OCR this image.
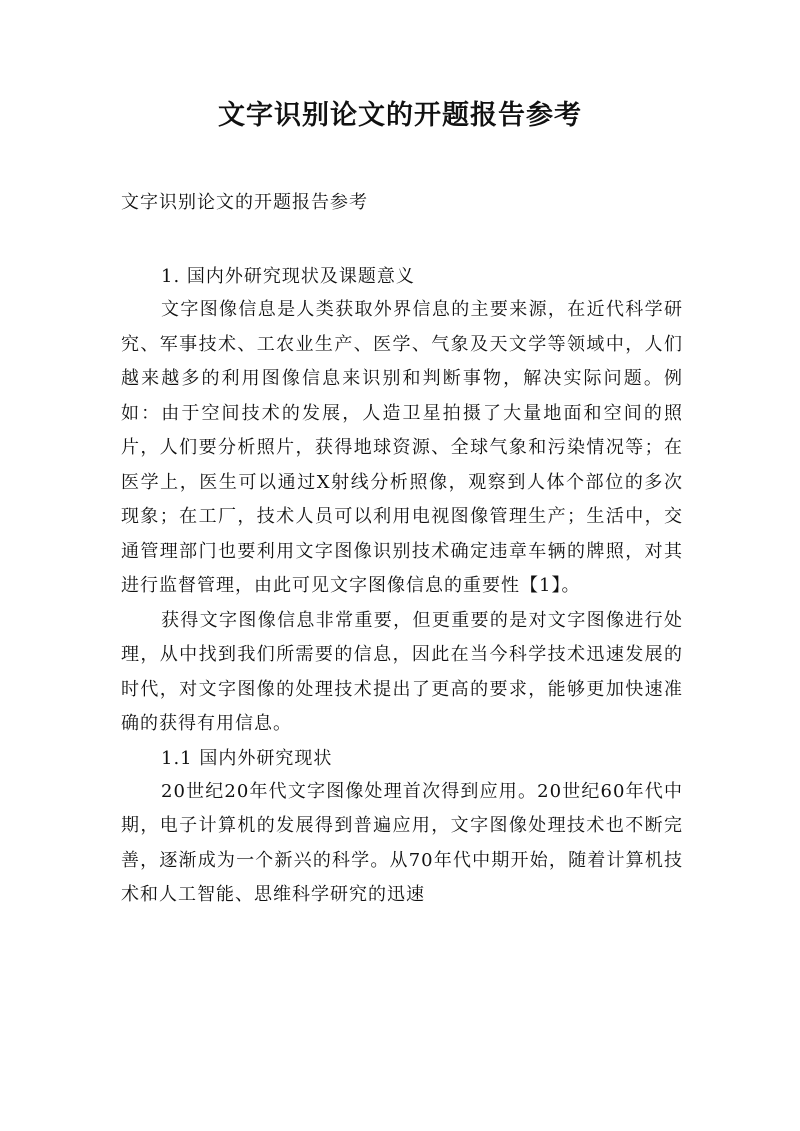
文字识别论文的开题报告参考
文字识别论文的开题报告参考

1. 国内外研究现状及课题意义

文字图像信息是人类获取外界信息的主要来源，在近代科学研究、军事技术、工农业生产、医学、气象及天文学等领域中，人们越来越多的利用图像信息来识别和判断事物，解决实际问题。例如：由于空间技术的发展，人造卫星拍摄了大量地面和空间的照片，人们要分析照片，获得地球资源、全球气象和污染情况等；在医学上，医生可以通过X射线分析照像，观察到人体个部位的多次现象；在工厂，技术人员可以利用电视图像管理生产；生活中，交通管理部门也要利用文字图像识别技术确定违章车辆的牌照，对其进行监督管理，由此可见文字图像信息的重要性【1】。

获得文字图像信息非常重要，但更重要的是对文字图像进行处理，从中找到我们所需要的信息，因此在当今科学技术迅速发展的时代，对文字图像的处理技术提出了更高的要求，能够更加快速准确的获得有用信息。

1.1 国内外研究现状

20世纪20年代文字图像处理首次得到应用。20世纪60年代中期，电子计算机的发展得到普遍应用，文字图像处理技术也不断完善，逐渐成为一个新兴的科学。从70年代中期开始，随着计算机技术和人工智能、思维科学研究的迅速
